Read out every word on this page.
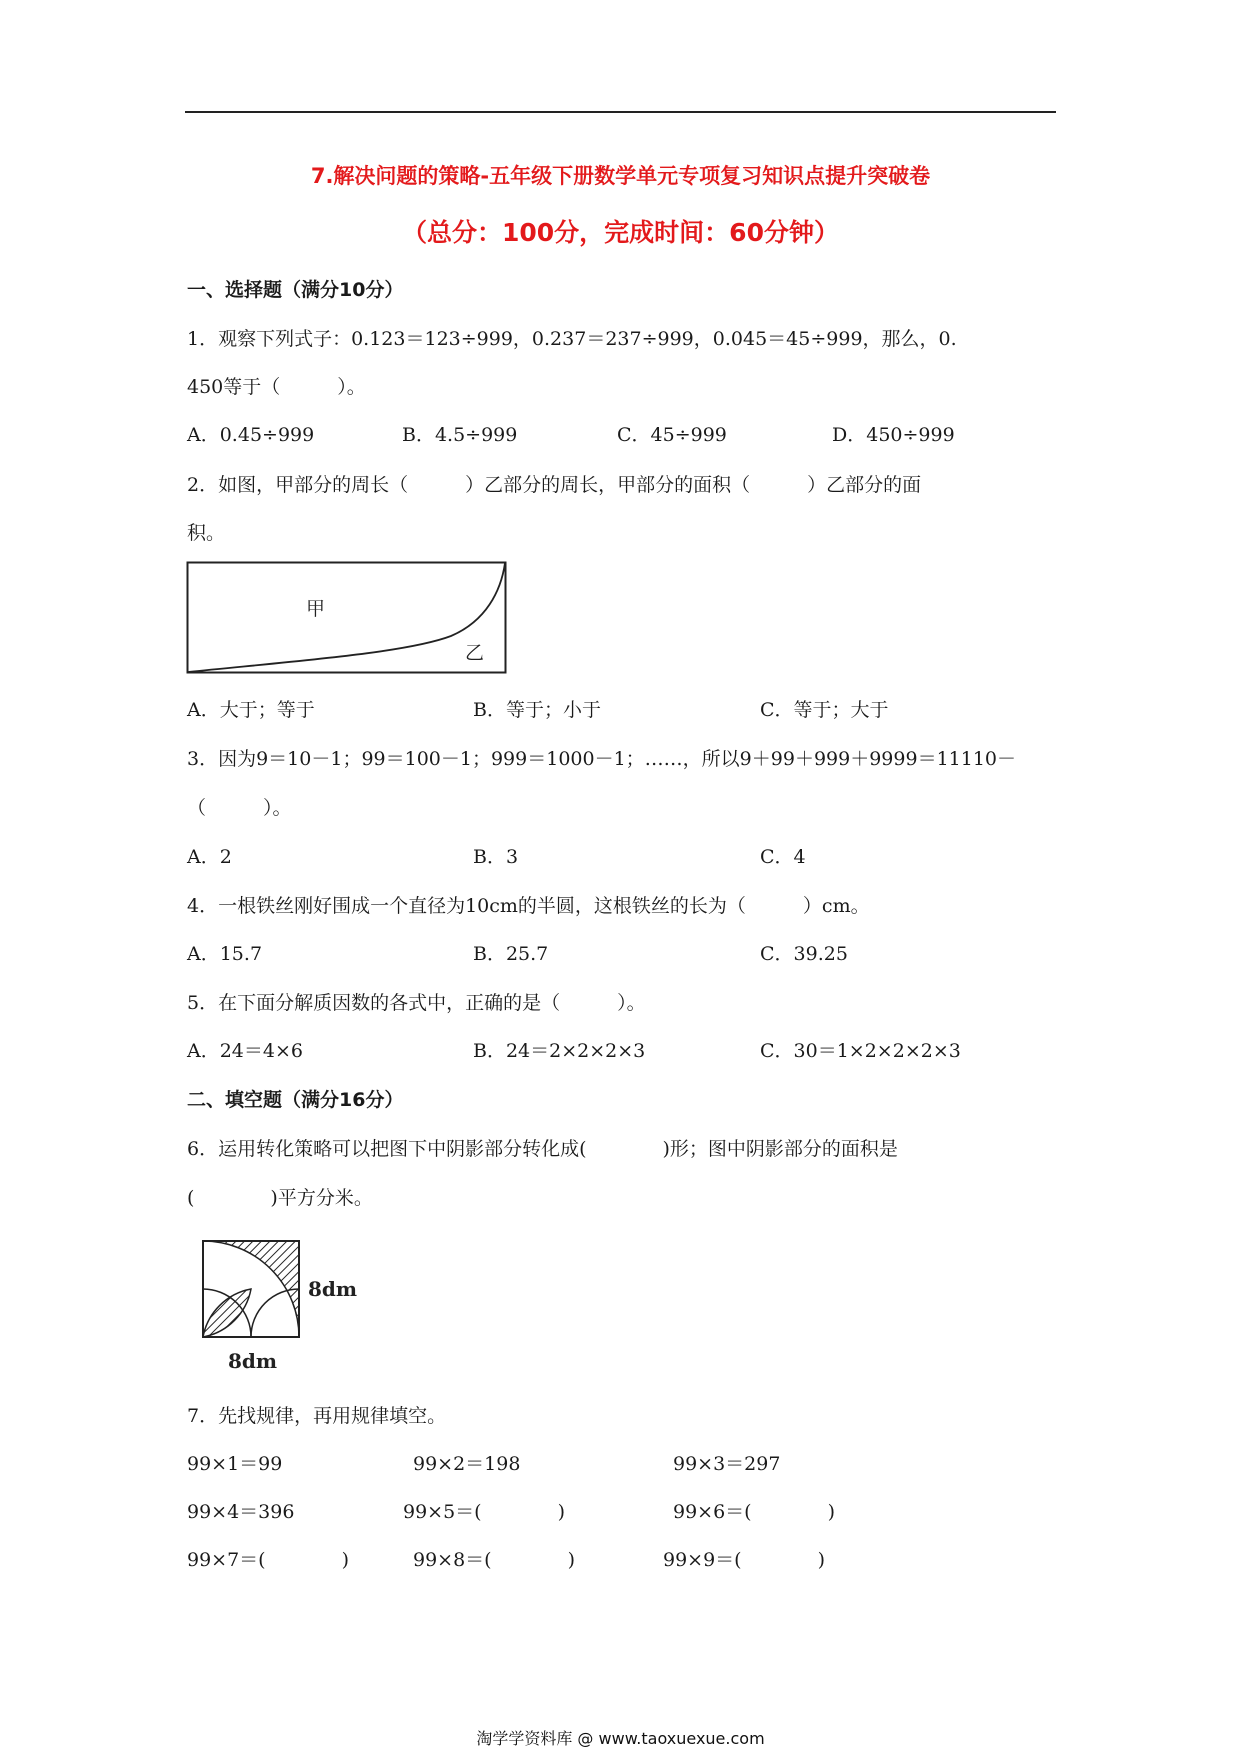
7.解决问题的策略-五年级下册数学单元专项复习知识点提升突破卷
（总分：100分，完成时间：60分钟）
一、选择题（满分10分）
1．观察下列式子：0.123＝123÷999，0.237＝237÷999，0.045＝45÷999，那么，0.
450等于（　　　）。
A．0.45÷999	B．4.5÷999	C．45÷999	D．450÷999
2．如图，甲部分的周长（　　　）乙部分的周长，甲部分的面积（　　　）乙部分的面
积。
甲
乙
A．大于；等于	B．等于；小于	C．等于；大于
3．因为9＝10－1；99＝100－1；999＝1000－1；……，所以9＋99＋999＋9999＝11110－
（　　　）。
A．2	B．3	C．4
4．一根铁丝刚好围成一个直径为10cm的半圆，这根铁丝的长为（　　　）cm。
A．15.7	B．25.7	C．39.25
5．在下面分解质因数的各式中，正确的是（　　　）。
A．24＝4×6	B．24＝2×2×2×3	C．30＝1×2×2×2×3
二、填空题（满分16分）
6．运用转化策略可以把图下中阴影部分转化成(　　　　)形；图中阴影部分的面积是
(　　　　)平方分米。
8dm
8dm
7．先找规律，再用规律填空。
99×1＝99	99×2＝198	99×3＝297
99×4＝396	99×5＝(　　　　)	99×6＝(　　　　)
99×7＝(　　　　)	99×8＝(　　　　)	99×9＝(　　　　)
淘学学资料库 @ www.taoxuexue.com
